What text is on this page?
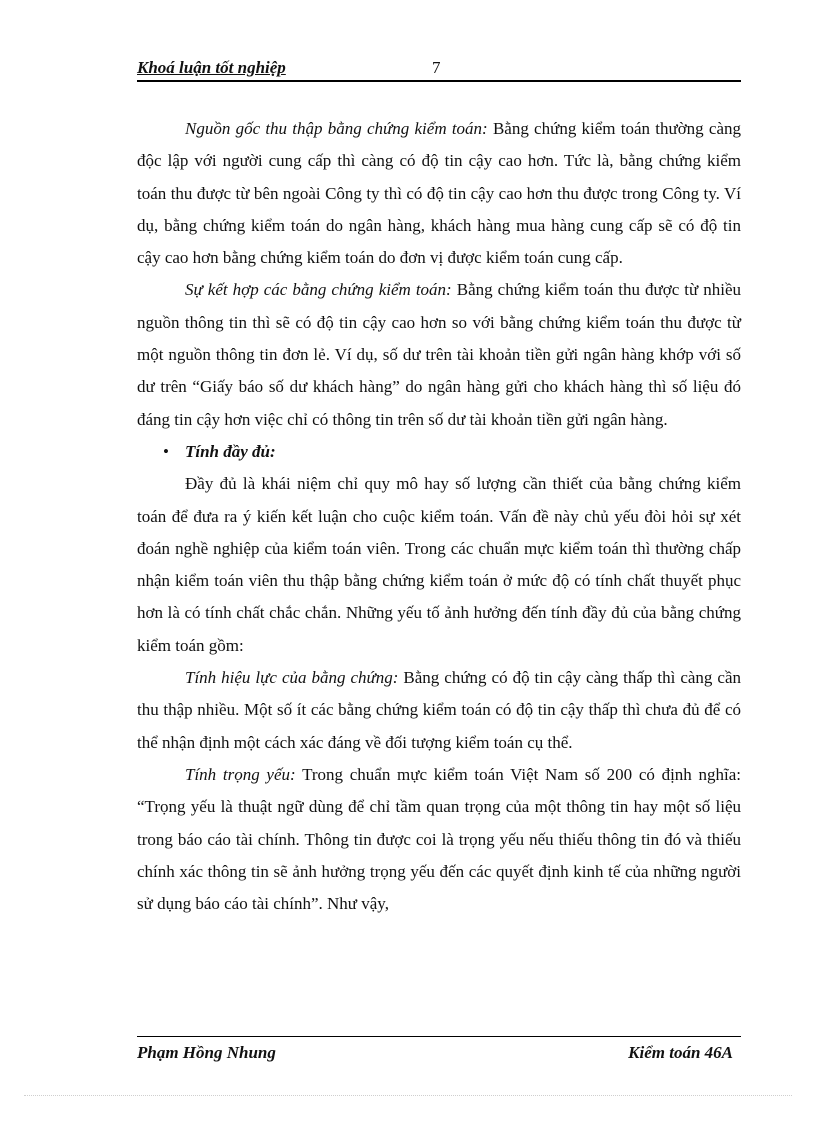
Khoá luận tốt nghiệp	7

Nguồn gốc thu thập bằng chứng kiểm toán: Bằng chứng kiểm toán thường càng độc lập với người cung cấp thì càng có độ tin cậy cao hơn. Tức là, bằng chứng kiểm toán thu được từ bên ngoài Công ty thì có độ tin cậy cao hơn thu được trong Công ty. Ví dụ, bằng chứng kiểm toán do ngân hàng, khách hàng mua hàng cung cấp sẽ có độ tin cậy cao hơn bằng chứng kiểm toán do đơn vị được kiểm toán cung cấp.

Sự kết hợp các bằng chứng kiểm toán: Bằng chứng kiểm toán thu được từ nhiều nguồn thông tin thì sẽ có độ tin cậy cao hơn so với bằng chứng kiểm toán thu được từ một nguồn thông tin đơn lẻ. Ví dụ, số dư trên tài khoản tiền gửi ngân hàng khớp với số dư trên “Giấy báo số dư khách hàng” do ngân hàng gửi cho khách hàng thì số liệu đó đáng tin cậy hơn việc chỉ có thông tin trên số dư tài khoản tiền gửi ngân hàng.

• Tính đầy đủ:

Đầy đủ là khái niệm chỉ quy mô hay số lượng cần thiết của bằng chứng kiểm toán để đưa ra ý kiến kết luận cho cuộc kiểm toán. Vấn đề này chủ yếu đòi hỏi sự xét đoán nghề nghiệp của kiểm toán viên. Trong các chuẩn mực kiểm toán thì thường chấp nhận kiểm toán viên thu thập bằng chứng kiểm toán ở mức độ có tính chất thuyết phục hơn là có tính chất chắc chắn. Những yếu tố ảnh hưởng đến tính đầy đủ của bằng chứng kiểm toán gồm:

Tính hiệu lực của bằng chứng: Bằng chứng có độ tin cậy càng thấp thì càng cần thu thập nhiều. Một số ít các bằng chứng kiểm toán có độ tin cậy thấp thì chưa đủ để có thể nhận định một cách xác đáng về đối tượng kiểm toán cụ thể.

Tính trọng yếu: Trong chuẩn mực kiểm toán Việt Nam số 200 có định nghĩa: “Trọng yếu là thuật ngữ dùng để chỉ tầm quan trọng của một thông tin hay một số liệu trong báo cáo tài chính. Thông tin được coi là trọng yếu nếu thiếu thông tin đó và thiếu chính xác thông tin sẽ ảnh hưởng trọng yếu đến các quyết định kinh tế của những người sử dụng báo cáo tài chính”. Như vậy,

Phạm Hồng Nhung	Kiểm toán 46A
